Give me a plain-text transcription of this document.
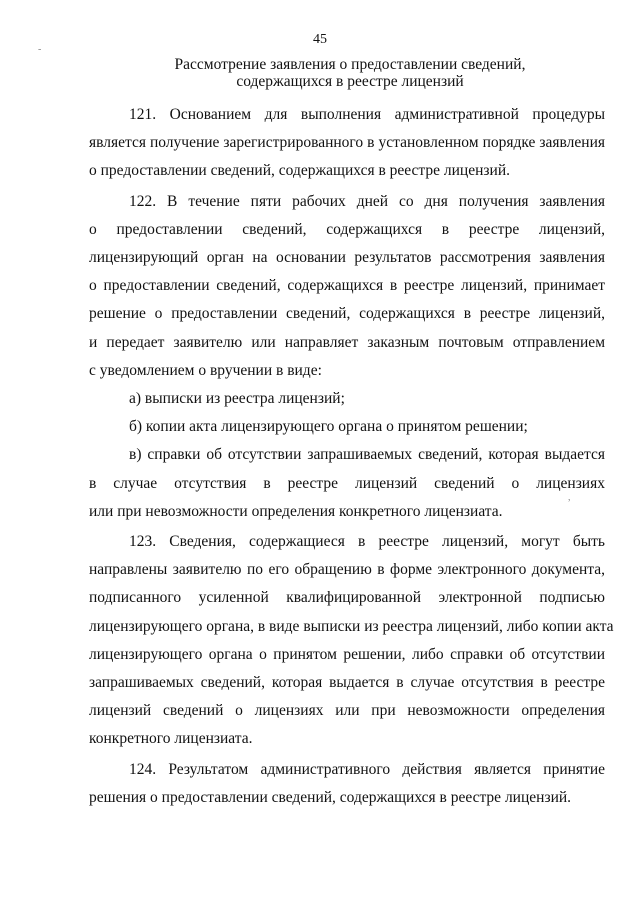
45
Рассмотрение заявления о предоставлении сведений,
содержащихся в реестре лицензий
121. Основанием для выполнения административной процедуры
является получение зарегистрированного в установленном порядке заявления
о предоставлении сведений, содержащихся в реестре лицензий.
122. В течение пяти рабочих дней со дня получения заявления
о предоставлении сведений, содержащихся в реестре лицензий,
лицензирующий орган на основании результатов рассмотрения заявления
о предоставлении сведений, содержащихся в реестре лицензий, принимает
решение о предоставлении сведений, содержащихся в реестре лицензий,
и передает заявителю или направляет заказным почтовым отправлением
с уведомлением о вручении в виде:
а) выписки из реестра лицензий;
б) копии акта лицензирующего органа о принятом решении;
в) справки об отсутствии запрашиваемых сведений, которая выдается
в случае отсутствия в реестре лицензий сведений о лицензиях
или при невозможности определения конкретного лицензиата.
123. Сведения, содержащиеся в реестре лицензий, могут быть
направлены заявителю по его обращению в форме электронного документа,
подписанного усиленной квалифицированной электронной подписью
лицензирующего органа, в виде выписки из реестра лицензий, либо копии акта
лицензирующего органа о принятом решении, либо справки об отсутствии
запрашиваемых сведений, которая выдается в случае отсутствия в реестре
лицензий сведений о лицензиях или при невозможности определения
конкретного лицензиата.
124. Результатом административного действия является принятие
решения о предоставлении сведений, содержащихся в реестре лицензий.
-
,
